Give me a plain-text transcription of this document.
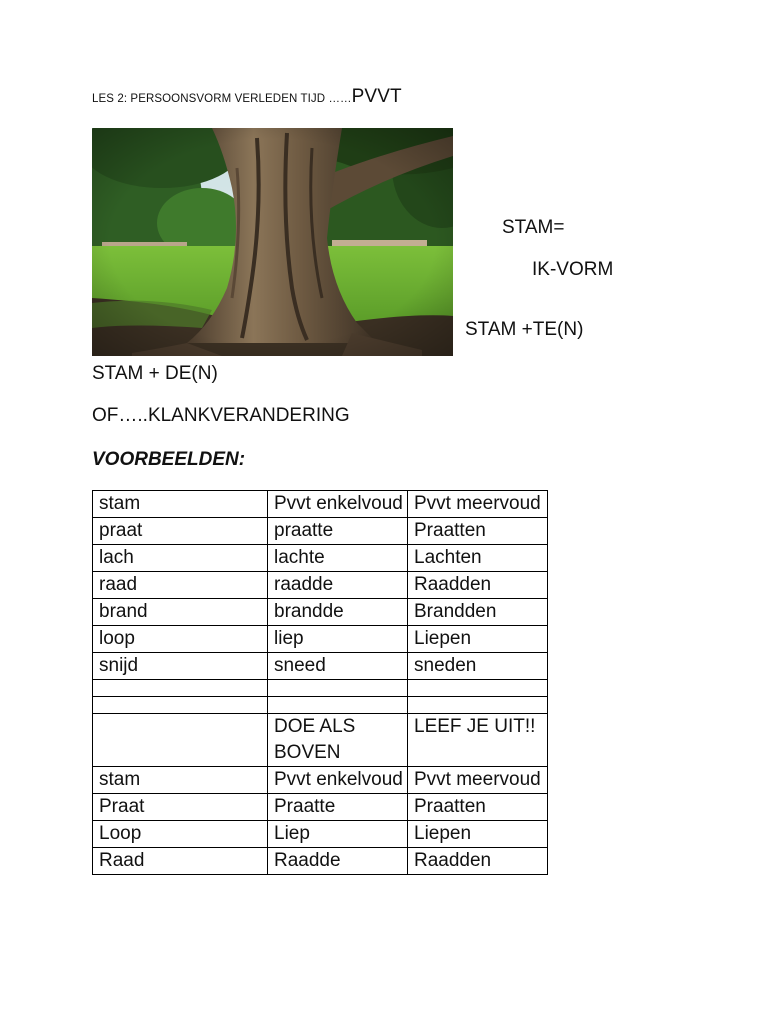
LES 2: PERSOONSVORM VERLEDEN TIJD ……PVVT
STAM=
IK-VORM
STAM +TE(N)
STAM + DE(N)
OF…..KLANKVERANDERING
VOORBEELDEN:
stam	Pvvt enkelvoud	Pvvt meervoud
praat	praatte	Praatten
lach	lachte	Lachten
raad	raadde	Raadden
brand	brandde	Brandden
loop	liep	Liepen
snijd	sneed	sneden

	DOE ALS BOVEN	LEEF JE UIT!!
stam	Pvvt enkelvoud	Pvvt meervoud
Praat	Praatte	Praatten
Loop	Liep	Liepen
Raad	Raadde	Raadden
